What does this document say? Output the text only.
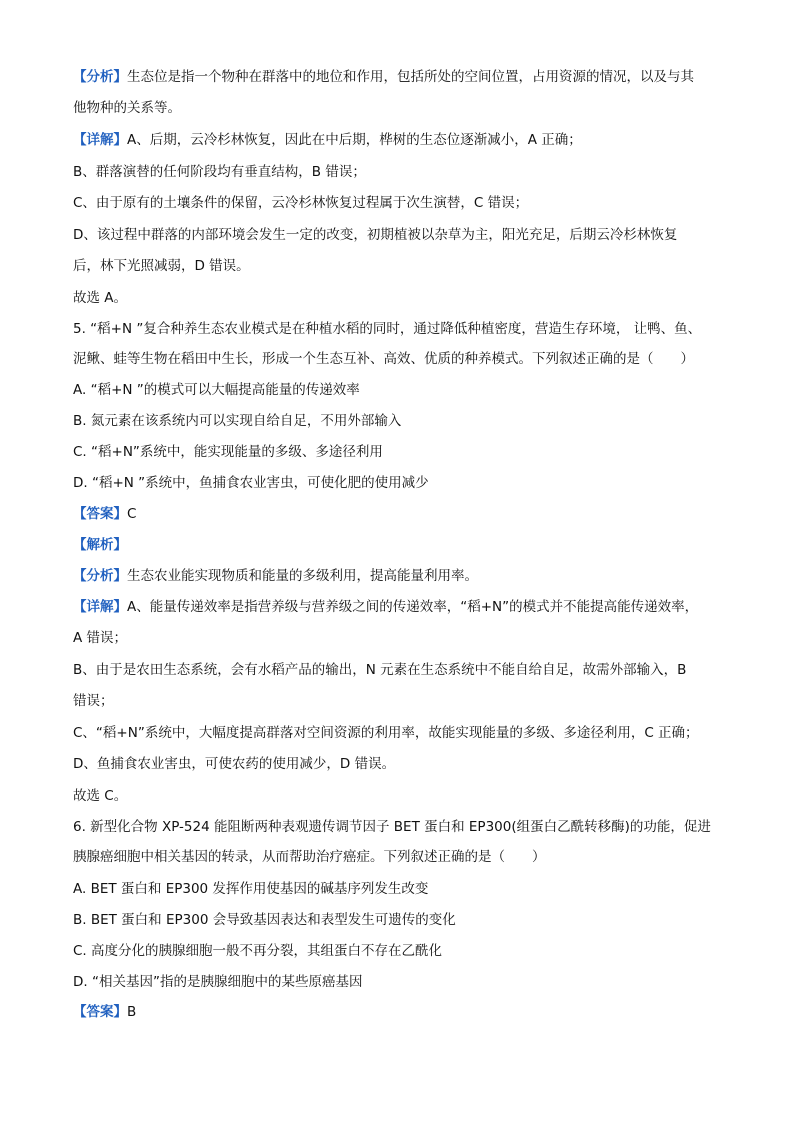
【分析】生态位是指一个物种在群落中的地位和作用，包括所处的空间位置，占用资源的情况，以及与其
他物种的关系等。
【详解】A、后期，云冷杉林恢复，因此在中后期，桦树的生态位逐渐减小，A 正确；
B、群落演替的任何阶段均有垂直结构，B 错误；
C、由于原有的土壤条件的保留，云冷杉林恢复过程属于次生演替，C 错误；
D、该过程中群落的内部环境会发生一定的改变，初期植被以杂草为主，阳光充足，后期云冷杉林恢复
后，林下光照减弱，D 错误。
故选 A。
5. “稻+N ”复合种养生态农业模式是在种植水稻的同时，通过降低种植密度，营造生存环境， 让鸭、鱼、
泥鳅、蛙等生物在稻田中生长，形成一个生态互补、高效、优质的种养模式。下列叙述正确的是（　　）
A. “稻+N ”的模式可以大幅提高能量的传递效率
B. 氮元素在该系统内可以实现自给自足，不用外部输入
C. “稻+N”系统中，能实现能量的多级、多途径利用
D. “稻+N ”系统中，鱼捕食农业害虫，可使化肥的使用减少
【答案】C
【解析】
【分析】生态农业能实现物质和能量的多级利用，提高能量利用率。
【详解】A、能量传递效率是指营养级与营养级之间的传递效率，“稻+N”的模式并不能提高能传递效率，
A 错误；
B、由于是农田生态系统，会有水稻产品的输出，N 元素在生态系统中不能自给自足，故需外部输入，B
错误；
C、“稻+N”系统中，大幅度提高群落对空间资源的利用率，故能实现能量的多级、多途径利用，C 正确；
D、鱼捕食农业害虫，可使农药的使用减少，D 错误。
故选 C。
6. 新型化合物 XP-524 能阻断两种表观遗传调节因子 BET 蛋白和 EP300(组蛋白乙酰转移酶)的功能，促进
胰腺癌细胞中相关基因的转录，从而帮助治疗癌症。下列叙述正确的是（　　）
A. BET 蛋白和 EP300 发挥作用使基因的碱基序列发生改变
B. BET 蛋白和 EP300 会导致基因表达和表型发生可遗传的变化
C. 高度分化的胰腺细胞一般不再分裂，其组蛋白不存在乙酰化
D. “相关基因”指的是胰腺细胞中的某些原癌基因
【答案】B
